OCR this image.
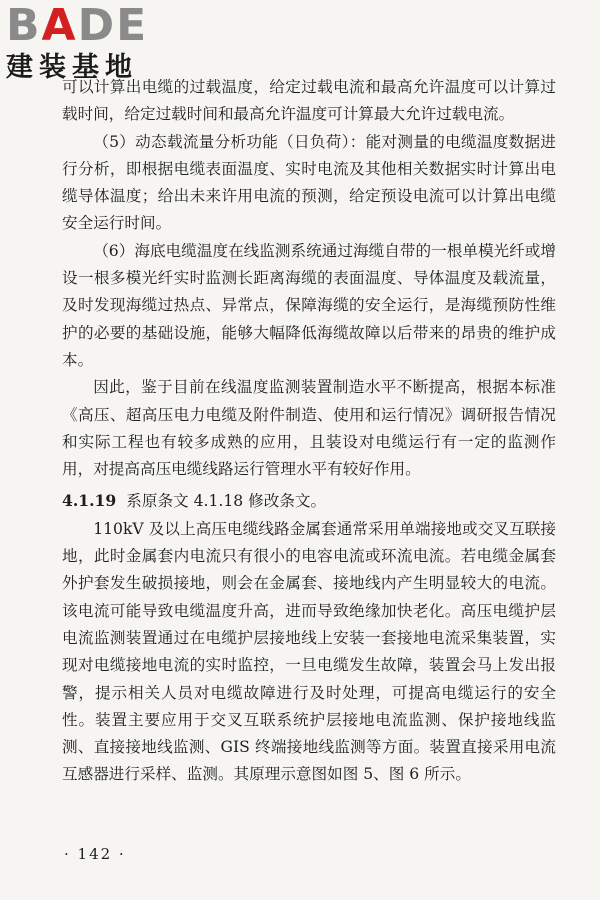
BADE
建装基地

可以计算出电缆的过载温度，给定过载电流和最高允许温度可以计算过载时间，给定过载时间和最高允许温度可计算最大允许过载电流。

（5）动态载流量分析功能（日负荷）：能对测量的电缆温度数据进行分析，即根据电缆表面温度、实时电流及其他相关数据实时计算出电缆导体温度；给出未来许用电流的预测，给定预设电流可以计算出电缆安全运行时间。

（6）海底电缆温度在线监测系统通过海缆自带的一根单模光纤或增设一根多模光纤实时监测长距离海缆的表面温度、导体温度及载流量，及时发现海缆过热点、异常点，保障海缆的安全运行，是海缆预防性维护的必要的基础设施，能够大幅降低海缆故障以后带来的昂贵的维护成本。

因此，鉴于目前在线温度监测装置制造水平不断提高，根据本标准《高压、超高压电力电缆及附件制造、使用和运行情况》调研报告情况和实际工程也有较多成熟的应用，且装设对电缆运行有一定的监测作用，对提高高压电缆线路运行管理水平有较好作用。

4.1.19 系原条文 4.1.18 修改条文。

110kV 及以上高压电缆线路金属套通常采用单端接地或交叉互联接地，此时金属套内电流只有很小的电容电流或环流电流。若电缆金属套外护套发生破损接地，则会在金属套、接地线内产生明显较大的电流。该电流可能导致电缆温度升高，进而导致绝缘加快老化。高压电缆护层电流监测装置通过在电缆护层接地线上安装一套接地电流采集装置，实现对电缆接地电流的实时监控，一旦电缆发生故障，装置会马上发出报警，提示相关人员对电缆故障进行及时处理，可提高电缆运行的安全性。装置主要应用于交叉互联系统护层接地电流监测、保护接地线监测、直接接地线监测、GIS 终端接地线监测等方面。装置直接采用电流互感器进行采样、监测。其原理示意图如图 5、图 6 所示。

· 142 ·
